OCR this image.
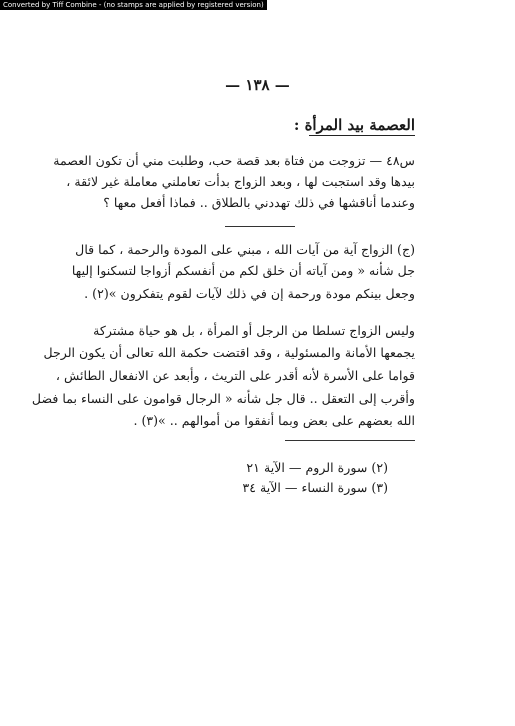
Converted by Tiff Combine - (no stamps are applied by registered version)
— ١٣٨ —
العصمة بيد المرأة :
س٤٨ — تزوجت من فتاة بعد قصة حب، وطلبت مني أن تكون العصمة
بيدها وقد استجبت لها ، وبعد الزواج بدأت تعاملني معاملة غير لائقة ،
وعندما أناقشها في ذلك تهددني بالطلاق .. فماذا أفعل معها ؟
(ج) الزواج آية من آيات الله ، مبني على المودة والرحمة ، كما قال
جل شأنه « ومن آياته أن خلق لكم من أنفسكم أزواجا لتسكنوا إليها
وجعل بينكم مودة ورحمة إن في ذلك لآيات لقوم يتفكرون »(٢) .
وليس الزواج تسلطا من الرجل أو المرأة ، بل هو حياة مشتركة
يجمعها الأمانة والمسئولية ، وقد اقتضت حكمة الله تعالى أن يكون الرجل
قواما على الأسرة لأنه أقدر على التريث ، وأبعد عن الانفعال الطائش ،
وأقرب إلى التعقل .. قال جل شأنه « الرجال قوامون على النساء بما فضل
الله بعضهم على بعض وبما أنفقوا من أموالهم .. »(٣) .
(٢) سورة الروم — الآية ٢١
(٣) سورة النساء — الآية ٣٤
